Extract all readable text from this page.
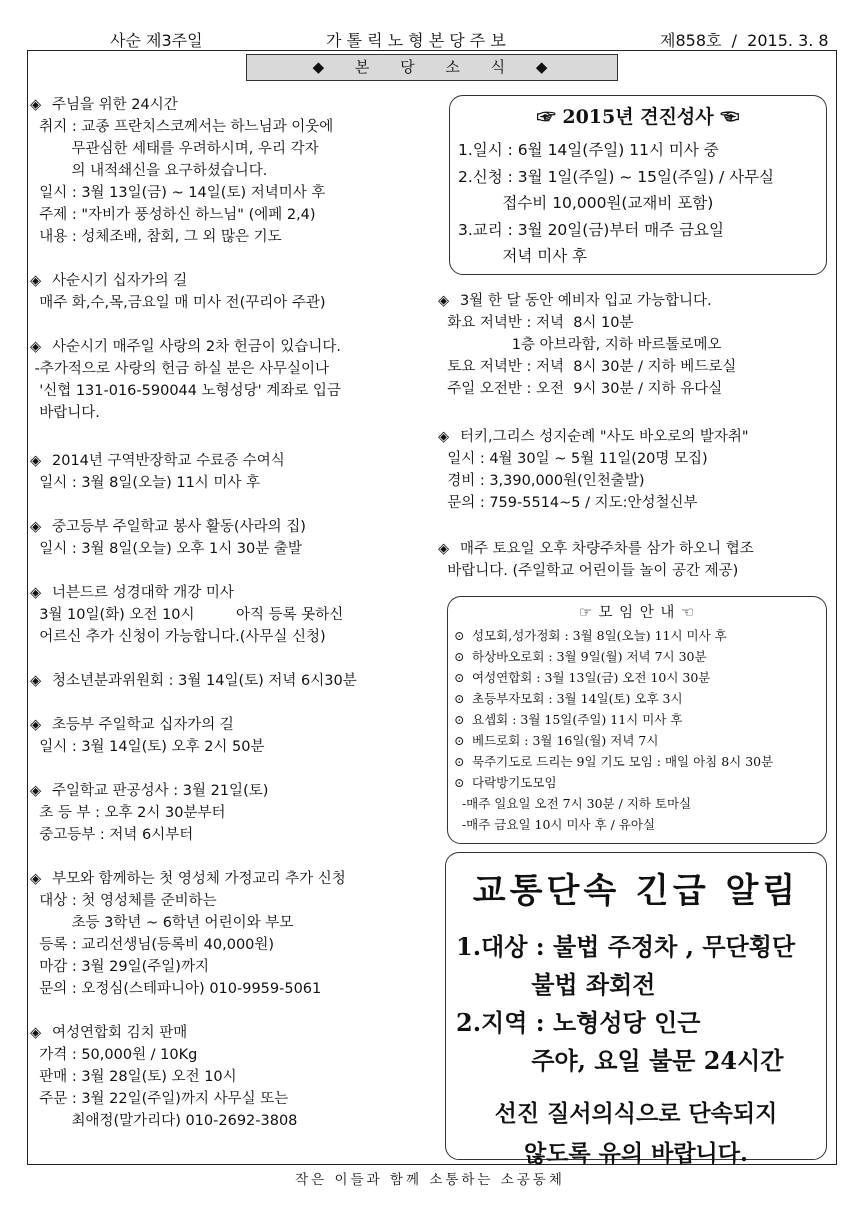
사순 제3주일	가 톨 릭 노 형 본 당 주 보	제858호  /  2015. 3. 8
◆ 본 당 소 식 ◆
◈ 주님을 위한 24시간
취지 : 교종 프란치스코께서는 하느님과 이웃에
무관심한 세태를 우려하시며, 우리 각자
의 내적쇄신을 요구하셨습니다.
일시 : 3월 13일(금) ~ 14일(토) 저녁미사 후
주제 : "자비가 풍성하신 하느님" (에페 2,4)
내용 : 성체조배, 참회, 그 외 많은 기도
◈ 사순시기 십자가의 길
매주 화,수,목,금요일 매 미사 전(꾸리아 주관)
◈ 사순시기 매주일 사랑의 2차 헌금이 있습니다.
-추가적으로 사랑의 헌금 하실 분은 사무실이나
'신협 131-016-590044 노형성당' 계좌로 입금
바랍니다.
◈ 2014년 구역반장학교 수료증 수여식
일시 : 3월 8일(오늘) 11시 미사 후
◈ 중고등부 주일학교 봉사 활동(사라의 집)
일시 : 3월 8일(오늘) 오후 1시 30분 출발
◈ 너븐드르 성경대학 개강 미사
3월 10일(화) 오전 10시         아직 등록 못하신
어르신 추가 신청이 가능합니다.(사무실 신청)
◈ 청소년분과위원회 : 3월 14일(토) 저녁 6시30분
◈ 초등부 주일학교 십자가의 길
일시 : 3월 14일(토) 오후 2시 50분
◈ 주일학교 판공성사 : 3월 21일(토)
초 등 부 : 오후 2시 30분부터
중고등부 : 저녁 6시부터
◈ 부모와 함께하는 첫 영성체 가정교리 추가 신청
대상 : 첫 영성체를 준비하는
초등 3학년 ~ 6학년 어린이와 부모
등록 : 교리선생님(등록비 40,000원)
마감 : 3월 29일(주일)까지
문의 : 오정심(스테파니아) 010-9959-5061
◈ 여성연합회 김치 판매
가격 : 50,000원 / 10Kg
판매 : 3월 28일(토) 오전 10시
주문 : 3월 22일(주일)까지 사무실 또는
최애정(말가리다) 010-2692-3808
☞ 2015년 견진성사 ☜
1.일시 : 6월 14일(주일) 11시 미사 중
2.신청 : 3월 1일(주일) ~ 15일(주일) / 사무실
접수비 10,000원(교재비 포함)
3.교리 : 3월 20일(금)부터 매주 금요일
저녁 미사 후
◈ 3월 한 달 동안 예비자 입교 가능합니다.
화요 저녁반 : 저녁  8시 10분
1층 아브라함, 지하 바르톨로메오
토요 저녁반 : 저녁  8시 30분 / 지하 베드로실
주일 오전반 : 오전  9시 30분 / 지하 유다실
◈ 터키,그리스 성지순례 "사도 바오로의 발자취"
일시 : 4월 30일 ~ 5월 11일(20명 모집)
경비 : 3,390,000원(인천출발)
문의 : 759-5514~5 / 지도:안성철신부
◈ 매주 토요일 오후 차량주차를 삼가 하오니 협조
바랍니다. (주일학교 어린이들 놀이 공간 제공)
☞ 모 임 안 내 ☜
⊙ 성모회,성가정회 : 3월 8일(오늘) 11시 미사 후
⊙ 하상바오로회 : 3월 9일(월) 저녁 7시 30분
⊙ 여성연합회 : 3월 13일(금) 오전 10시 30분
⊙ 초등부자모회 : 3월 14일(토) 오후 3시
⊙ 요셉회 : 3월 15일(주일) 11시 미사 후
⊙ 베드로회 : 3월 16일(월) 저녁 7시
⊙ 묵주기도로 드리는 9일 기도 모임 : 매일 아침 8시 30분
⊙ 다락방기도모임
-매주 일요일 오전 7시 30분 / 지하 토마실
-매주 금요일 10시 미사 후 / 유아실
교통단속 긴급 알림
1.대상 : 불법 주정차 , 무단횡단
불법 좌회전
2.지역 : 노형성당 인근
주야, 요일 불문 24시간
선진 질서의식으로 단속되지
않도록 유의 바랍니다.
작은 이들과 함께 소통하는 소공동체
